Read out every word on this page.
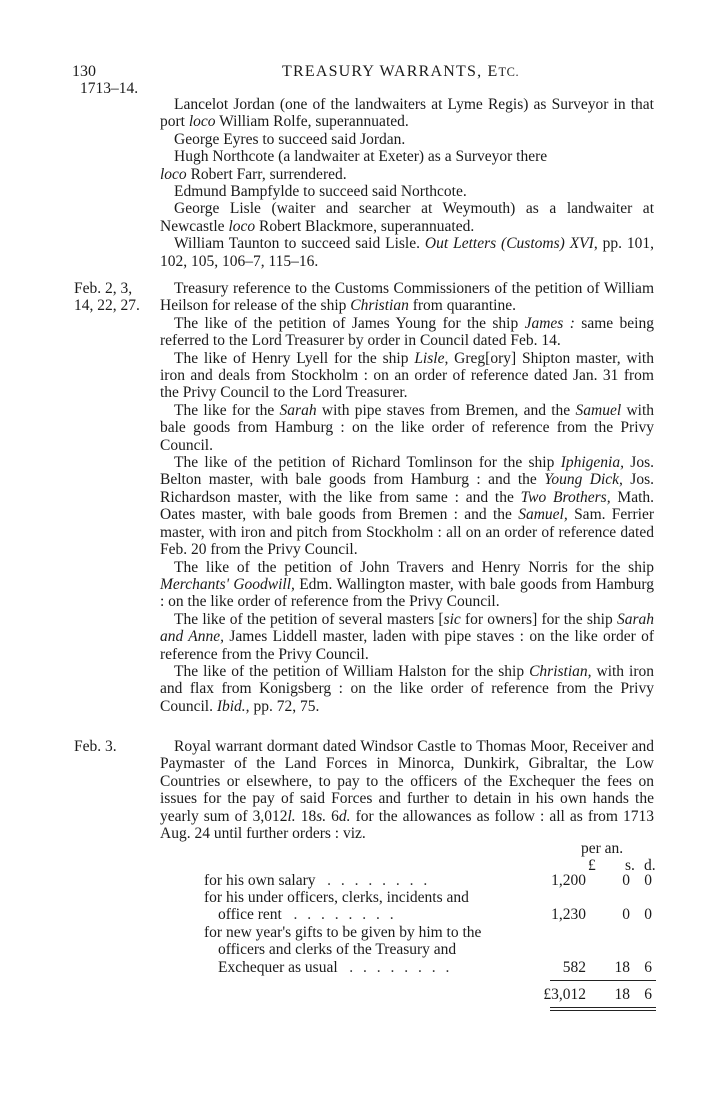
130	TREASURY WARRANTS, ETC.
1713–14.

Lancelot Jordan (one of the landwaiters at Lyme Regis) as Surveyor in that port loco William Rolfe, superannuated.

George Eyres to succeed said Jordan.

Hugh Northcote (a landwaiter at Exeter) as a Surveyor there
loco Robert Farr, surrendered.

Edmund Bampfylde to succeed said Northcote.

George Lisle (waiter and searcher at Weymouth) as a landwaiter at Newcastle loco Robert Blackmore, superannuated.

William Taunton to succeed said Lisle. Out Letters (Customs) XVI, pp. 101, 102, 105, 106–7, 115–16.

Feb. 2, 3,
14, 22, 27.

Treasury reference to the Customs Commissioners of the petition of William Heilson for release of the ship Christian from quarantine.

The like of the petition of James Young for the ship James : same being referred to the Lord Treasurer by order in Council dated Feb. 14.

The like of Henry Lyell for the ship Lisle, Greg[ory] Shipton master, with iron and deals from Stockholm : on an order of reference dated Jan. 31 from the Privy Council to the Lord Treasurer.

The like for the Sarah with pipe staves from Bremen, and the Samuel with bale goods from Hamburg : on the like order of reference from the Privy Council.

The like of the petition of Richard Tomlinson for the ship Iphigenia, Jos. Belton master, with bale goods from Hamburg : and the Young Dick, Jos. Richardson master, with the like from same : and the Two Brothers, Math. Oates master, with bale goods from Bremen : and the Samuel, Sam. Ferrier master, with iron and pitch from Stockholm : all on an order of reference dated Feb. 20 from the Privy Council.

The like of the petition of John Travers and Henry Norris for the ship Merchants' Goodwill, Edm. Wallington master, with bale goods from Hamburg : on the like order of reference from the Privy Council.

The like of the petition of several masters [sic for owners] for the ship Sarah and Anne, James Liddell master, laden with pipe staves : on the like order of reference from the Privy Council.

The like of the petition of William Halston for the ship Christian, with iron and flax from Konigsberg : on the like order of reference from the Privy Council. Ibid., pp. 72, 75.

Feb. 3.	Royal warrant dormant dated Windsor Castle to Thomas Moor, Receiver and Paymaster of the Land Forces in Minorca, Dunkirk, Gibraltar, the Low Countries or elsewhere, to pay to the officers of the Exchequer the fees on issues for the pay of said Forces and further to detain in his own hands the yearly sum of 3,012l. 18s. 6d. for the allowances as follow : all as from 1713 Aug. 24 until further orders : viz.

per an.
£ s. d.
for his own salary . . . . . . . .	1,200 0 0
for his under officers, clerks, incidents and
office rent . . . . . . . .	1,230 0 0
for new year's gifts to be given by him to the
officers and clerks of the Treasury and
Exchequer as usual . . . . . . . .	582 18 6
£3,012 18 6
